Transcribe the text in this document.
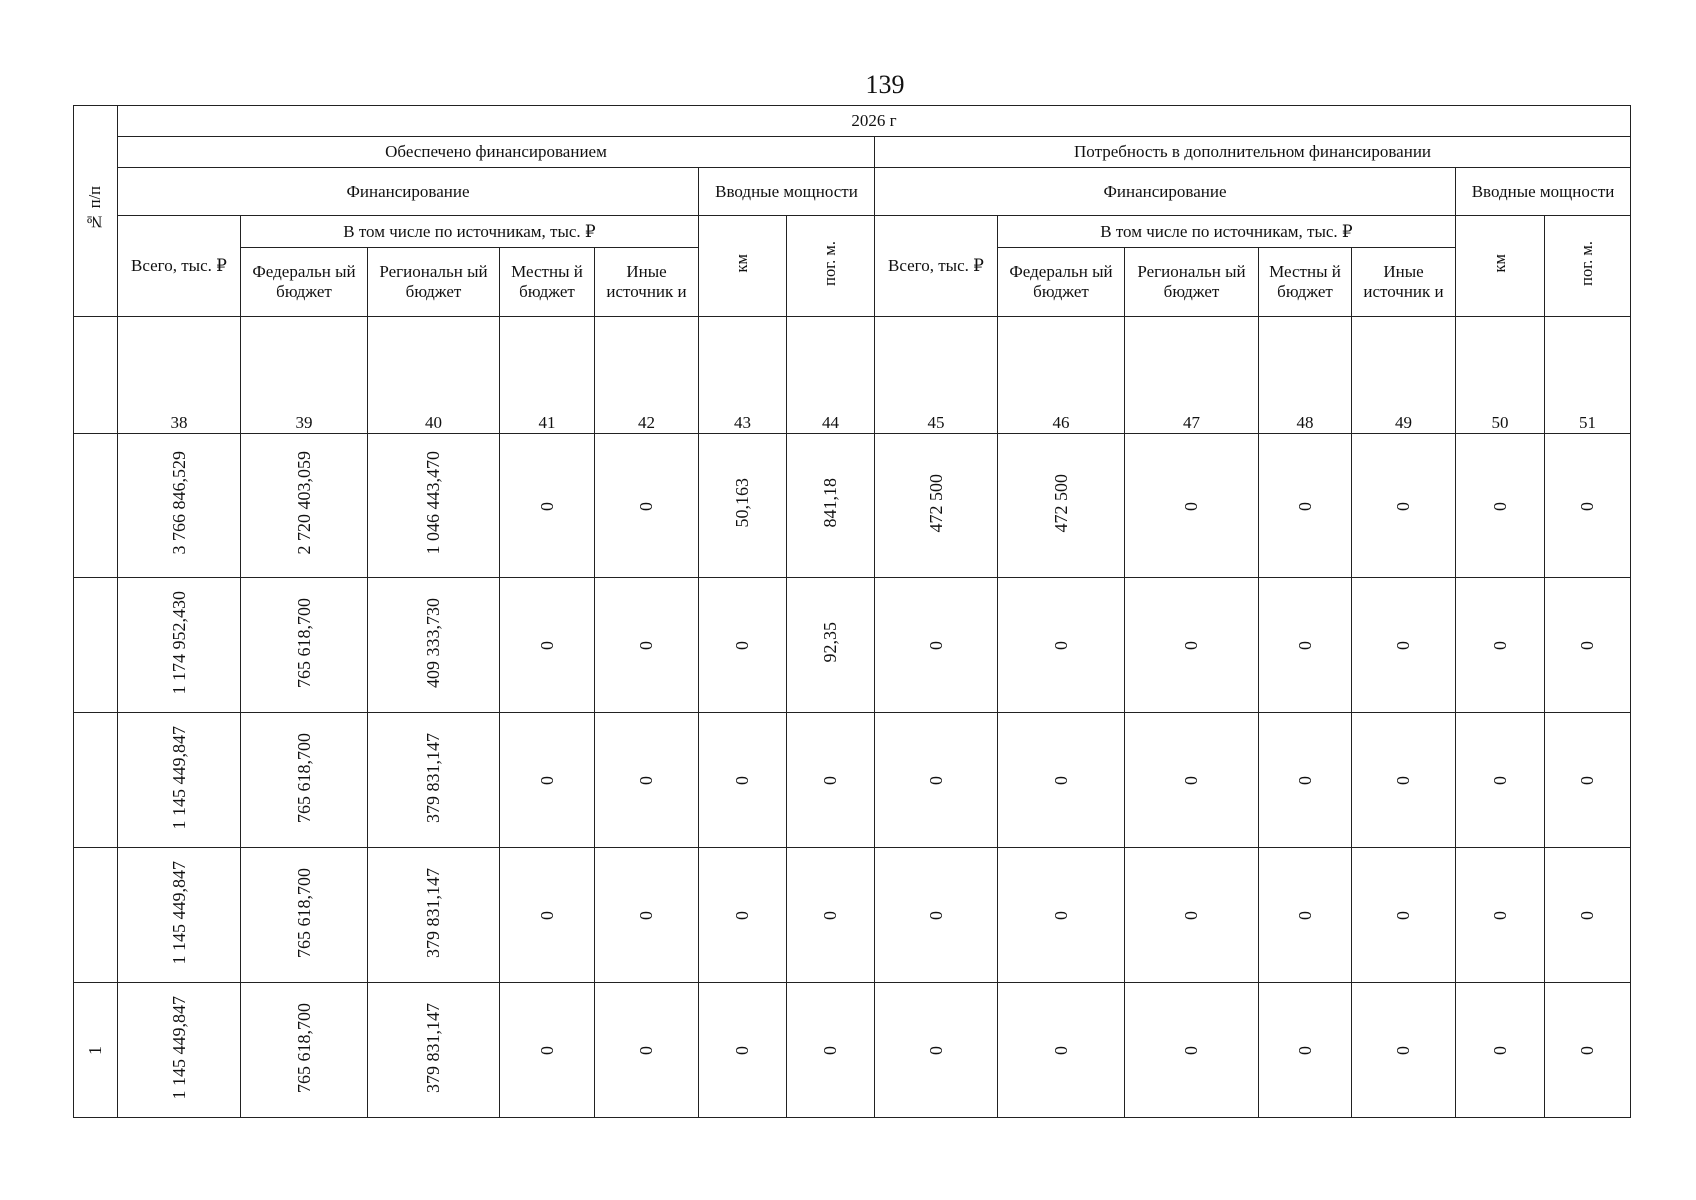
139
№ п/п	2026 г													
	Обеспечено финансированием							Потребность в дополнительном финансировании						
	Финансирование					Вводные мощности		Финансирование					Вводные мощности	
	Всего, тыс. ₽	В том числе по источникам, тыс. ₽				км	пог. м.	Всего, тыс. ₽	В том числе по источникам, тыс. ₽				км	пог. м.
		Федеральн ый бюджет	Региональн ый бюджет	Местны й бюджет	Иные источник и				Федеральн ый бюджет	Региональн ый бюджет	Местны й бюджет	Иные источник и		
	38	39	40	41	42	43	44	45	46	47	48	49	50	51
	3 766 846,529	2 720 403,059	1 046 443,470	0	0	50,163	841,18	472 500	472 500	0	0	0	0	0
	1 174 952,430	765 618,700	409 333,730	0	0	0	92,35	0	0	0	0	0	0	0
	1 145 449,847	765 618,700	379 831,147	0	0	0	0	0	0	0	0	0	0	0
	1 145 449,847	765 618,700	379 831,147	0	0	0	0	0	0	0	0	0	0	0
1	1 145 449,847	765 618,700	379 831,147	0	0	0	0	0	0	0	0	0	0	0
